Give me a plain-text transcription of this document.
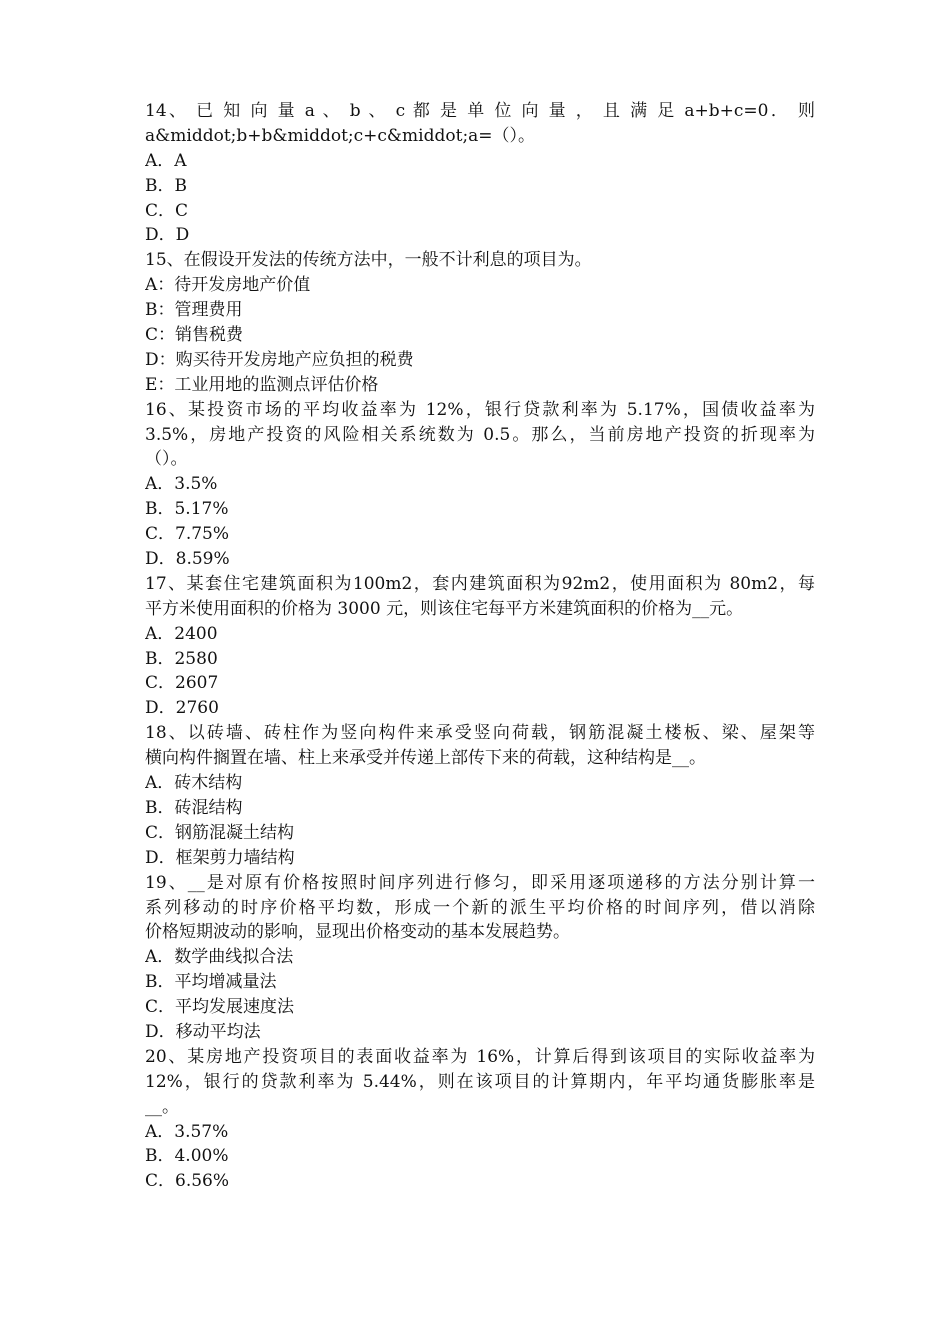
14、 已 知 向 量 a 、 b 、 c 都 是 单 位 向 量 ， 且 满 足 a+b+c=0． 则
a&middot;b+b&middot;c+c&middot;a=（）。
A．A
B．B
C．C
D．D
15、在假设开发法的传统方法中，一般不计利息的项目为。
A：待开发房地产价值
B：管理费用
C：销售税费
D：购买待开发房地产应负担的税费
E：工业用地的监测点评估价格
16、某投资市场的平均收益率为 12%，银行贷款利率为 5.17%，国债收益率为
3.5%，房地产投资的风险相关系统数为 0.5。那么，当前房地产投资的折现率为
（）。
A．3.5%
B．5.17%
C．7.75%
D．8.59%
17、某套住宅建筑面积为100m2，套内建筑面积为92m2，使用面积为 80m2，每
平方米使用面积的价格为 3000 元，则该住宅每平方米建筑面积的价格为__元。
A．2400
B．2580
C．2607
D．2760
18、以砖墙、砖柱作为竖向构件来承受竖向荷载，钢筋混凝土楼板、梁、屋架等
横向构件搁置在墙、柱上来承受并传递上部传下来的荷载，这种结构是__。
A．砖木结构
B．砖混结构
C．钢筋混凝土结构
D．框架剪力墙结构
19、__是对原有价格按照时间序列进行修匀，即采用逐项递移的方法分别计算一
系列移动的时序价格平均数，形成一个新的派生平均价格的时间序列，借以消除
价格短期波动的影响，显现出价格变动的基本发展趋势。
A．数学曲线拟合法
B．平均增减量法
C．平均发展速度法
D．移动平均法
20、某房地产投资项目的表面收益率为 16%，计算后得到该项目的实际收益率为
12%，银行的贷款利率为 5.44%，则在该项目的计算期内，年平均通货膨胀率是
__。
A．3.57%
B．4.00%
C．6.56%
